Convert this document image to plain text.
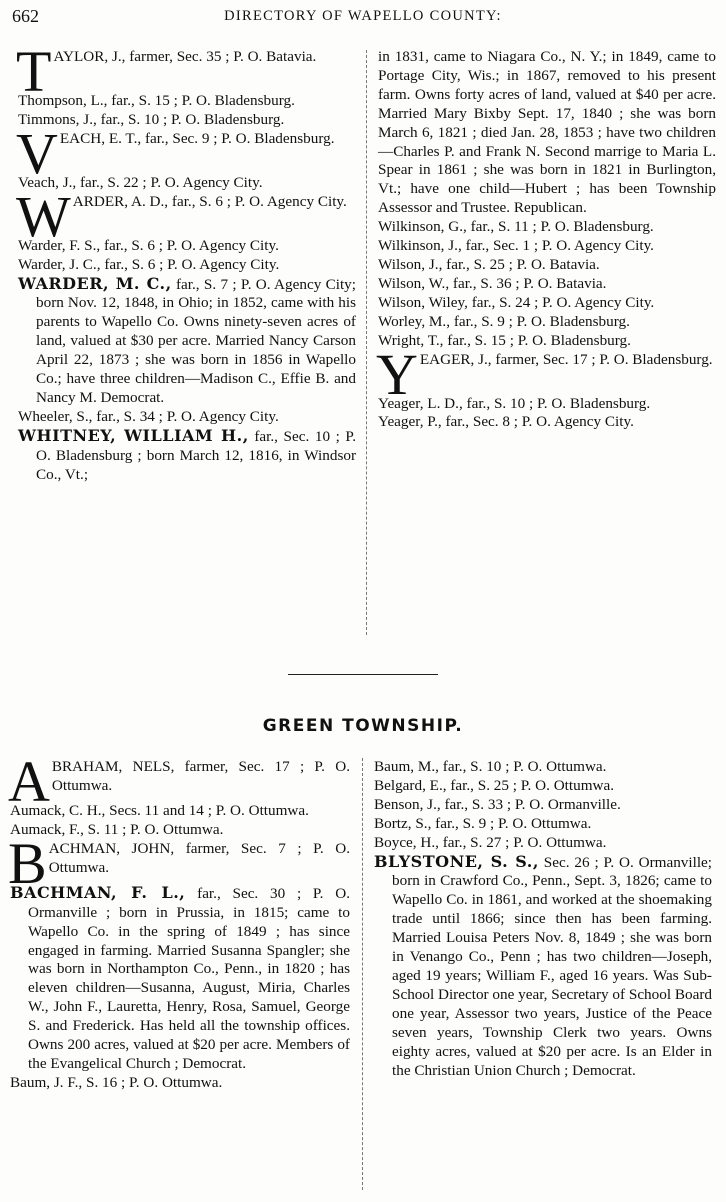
662	DIRECTORY OF WAPELLO COUNTY:

TAYLOR, J., farmer, Sec. 35 ; P. O. Batavia.

Thompson, L., far., S. 15 ; P. O. Bladensburg.

Timmons, J., far., S. 10 ; P. O. Bladensburg.

VEACH, E. T., far., Sec. 9 ; P. O. Bladensburg.

Veach, J., far., S. 22 ; P. O. Agency City.

WARDER, A. D., far., S. 6 ; P. O. Agency City.

Warder, F. S., far., S. 6 ; P. O. Agency City.

Warder, J. C., far., S. 6 ; P. O. Agency City.

WARDER, M. C., far., S. 7 ; P. O. Agency City; born Nov. 12, 1848, in Ohio; in 1852, came with his parents to Wapello Co. Owns ninety-seven acres of land, valued at $30 per acre. Married Nancy Carson April 22, 1873 ; she was born in 1856 in Wapello Co.; have three children—Madison C., Effie B. and Nancy M. Democrat.

Wheeler, S., far., S. 34 ; P. O. Agency City.

WHITNEY, WILLIAM H., far., Sec. 10 ; P. O. Bladensburg ; born March 12, 1816, in Windsor Co., Vt.;

in 1831, came to Niagara Co., N. Y.; in 1849, came to Portage City, Wis.; in 1867, removed to his present farm. Owns forty acres of land, valued at $40 per acre. Married Mary Bixby Sept. 17, 1840 ; she was born March 6, 1821 ; died Jan. 28, 1853 ; have two children—Charles P. and Frank N. Second marrige to Maria L. Spear in 1861 ; she was born in 1821 in Burlington, Vt.; have one child—Hubert ; has been Township Assessor and Trustee. Republican.

Wilkinson, G., far., S. 11 ; P. O. Bladensburg.

Wilkinson, J., far., Sec. 1 ; P. O. Agency City.

Wilson, J., far., S. 25 ; P. O. Batavia.

Wilson, W., far., S. 36 ; P. O. Batavia.

Wilson, Wiley, far., S. 24 ; P. O. Agency City.

Worley, M., far., S. 9 ; P. O. Bladensburg.

Wright, T., far., S. 15 ; P. O. Bladensburg.

YEAGER, J., farmer, Sec. 17 ; P. O. Bladensburg.

Yeager, L. D., far., S. 10 ; P. O. Bladensburg.

Yeager, P., far., Sec. 8 ; P. O. Agency City.

GREEN TOWNSHIP.

ABRAHAM, NELS, farmer, Sec. 17 ; P. O. Ottumwa.

Aumack, C. H., Secs. 11 and 14 ; P. O. Ottumwa.

Aumack, F., S. 11 ; P. O. Ottumwa.

BACHMAN, JOHN, farmer, Sec. 7 ; P. O. Ottumwa.

BACHMAN, F. L., far., Sec. 30 ; P. O. Ormanville ; born in Prussia, in 1815; came to Wapello Co. in the spring of 1849 ; has since engaged in farming. Married Susanna Spangler; she was born in Northampton Co., Penn., in 1820 ; has eleven children—Susanna, August, Miria, Charles W., John F., Lauretta, Henry, Rosa, Samuel, George S. and Frederick. Has held all the township offices. Owns 200 acres, valued at $20 per acre. Members of the Evangelical Church ; Democrat.

Baum, J. F., S. 16 ; P. O. Ottumwa.

Baum, M., far., S. 10 ; P. O. Ottumwa.

Belgard, E., far., S. 25 ; P. O. Ottumwa.

Benson, J., far., S. 33 ; P. O. Ormanville.

Bortz, S., far., S. 9 ; P. O. Ottumwa.

Boyce, H., far., S. 27 ; P. O. Ottumwa.

BLYSTONE, S. S., Sec. 26 ; P. O. Ormanville; born in Crawford Co., Penn., Sept. 3, 1826; came to Wapello Co. in 1861, and worked at the shoemaking trade until 1866; since then has been farming. Married Louisa Peters Nov. 8, 1849 ; she was born in Venango Co., Penn ; has two children—Joseph, aged 19 years; William F., aged 16 years. Was Sub-School Director one year, Secretary of School Board one year, Assessor two years, Justice of the Peace seven years, Township Clerk two years. Owns eighty acres, valued at $20 per acre. Is an Elder in the Christian Union Church ; Democrat.
